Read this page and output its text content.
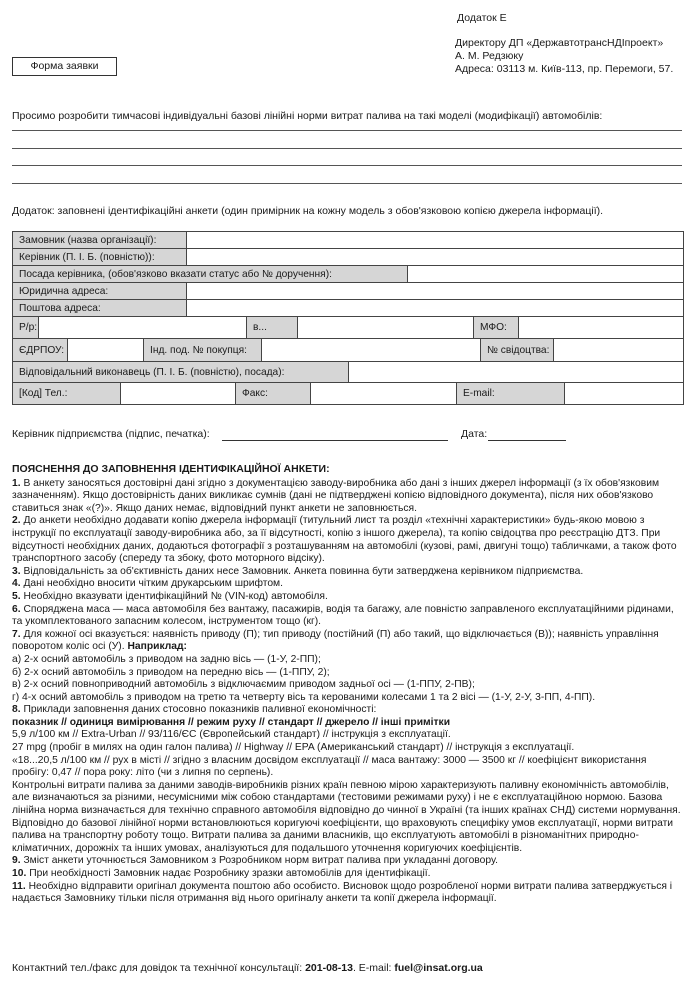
Додаток Е
Директору ДП «ДержавтотрансНДІпроект»
А. М. Редзюку
Адреса: 03113 м. Київ-113, пр. Перемоги, 57.
Форма заявки
Просимо розробити тимчасові індивідуальні базові лінійні норми витрат палива на такі моделі (модифікації) автомобілів:
Додаток: заповнені ідентифікаційні анкети (один примірник на кожну модель з обов'язковою копією джерела інформації).
Замовник (назва організації):
Керівник (П. І. Б. (повністю)):
Посада керівника, (обов'язково вказати статус або № доручення):
Юридична адреса:
Поштова адреса:
Р/р:	в...	МФО:
ЄДРПОУ:	Інд. под. № покупця:	№ свідоцтва:
Відповідальний виконавець (П. І. Б. (повністю), посада):
[Код] Тел.:	Факс:	E-mail:
Керівник підприємства (підпис, печатка):	Дата:
ПОЯСНЕННЯ ДО ЗАПОВНЕННЯ ІДЕНТИФІКАЦІЙНОЇ АНКЕТИ:

1. В анкету заносяться достовірні дані згідно з документацією заводу-виробника або дані з інших джерел інформації (з їх обов'язковим зазначенням). Якщо достовірність даних викликає сумнів (дані не підтверджені копією відповідного документа), після них обов'язково ставиться знак «(?)». Якщо даних немає, відповідний пункт анкети не заповнюється.

2. До анкети необхідно додавати копію джерела інформації (титульний лист та розділ «технічні характеристики» будь-якою мовою з інструкції по експлуатації заводу-виробника або, за її відсутності, копію з іншого джерела), та копію свідоцтва про реєстрацію ДТЗ. При відсутності необхідних даних, додаються фотографії з розташуванням на автомобілі (кузові, рамі, двигуні тощо) табличками, а також фото транспортного засобу (спереду та збоку, фото моторного відсіку).

3. Відповідальність за об'єктивність даних несе Замовник. Анкета повинна бути затверджена керівником підприємства.

4. Дані необхідно вносити чітким друкарським шрифтом.

5. Необхідно вказувати ідентифікаційний № (VIN-код) автомобіля.

6. Споряджена маса — маса автомобіля без вантажу, пасажирів, водія та багажу, але повністю заправленого експлуатаційними рідинами, та укомплектованого запасним колесом, інструментом тощо (кг).

7. Для кожної осі вказується: наявність приводу (П); тип приводу (постійний (П) або такий, що відключається (В)); наявність управління поворотом коліс осі (У). Наприклад:

а) 2-х осний автомобіль з приводом на задню вісь — (1-У, 2-ПП);

б) 2-х осний автомобіль з приводом на передню вісь — (1-ППУ, 2);

в) 2-х осний повноприводний автомобіль з відключаємим приводом задньої осі — (1-ППУ, 2-ПВ);

г) 4-х осний автомобіль з приводом на третю та четверту вісь та керованими колесами 1 та 2 вісі — (1-У, 2-У, 3-ПП, 4-ПП).

8. Приклади заповнення даних стосовно показників паливної економічності:

показник // одиниця вимірювання // режим руху // стандарт // джерело // інші примітки

5,9 л/100 км // Extra-Urban // 93/116/ЄС (Європейський стандарт) // інструкція з експлуатації.

27 mpg (пробіг в милях на один галон палива) // Highway // EPA (Американський стандарт) // інструкція з експлуатації.

«18...20,5 л/100 км // рух в місті // згідно з власним досвідом експлуатації // маса вантажу: 3000 — 3500 кг // коефіцієнт використання пробігу: 0,47 // пора року: літо (чи з липня по серпень).

Контрольні витрати палива за даними заводів-виробників різних країн певною мірою характеризують паливну економічність автомобілів, але визначаються за різними, несумісними між собою стандартами (тестовими режимами руху) і не є експлуатаційною нормою. Базова лінійна норма визначається для технічно справного автомобіля відповідно до чинної в Україні (та інших країнах СНД) системи нормування. Відповідно до базової лінійної норми встановлюються коригуючі коефіцієнти, що враховують специфіку умов експлуатації, норми витрати палива на транспортну роботу тощо. Витрати палива за даними власників, що експлуатують автомобілі в різноманітних природно-кліматичних, дорожніх та інших умовах, аналізуються для подальшого уточнення коригуючих коефіцієнтів.

9. Зміст анкети уточнюється Замовником з Розробником норм витрат палива при укладанні договору.

10. При необхідності Замовник надає Розробнику зразки автомобілів для ідентифікації.

11. Необхідно відправити оригінал документа поштою або особисто. Висновок щодо розробленої норми витрати палива затверджується і надається Замовнику тільки після отримання від нього оригіналу анкети та копії джерела інформації.

Контактний тел./факс для довідок та технічної консультації: 201-08-13. E-mail: fuel@insat.org.ua
